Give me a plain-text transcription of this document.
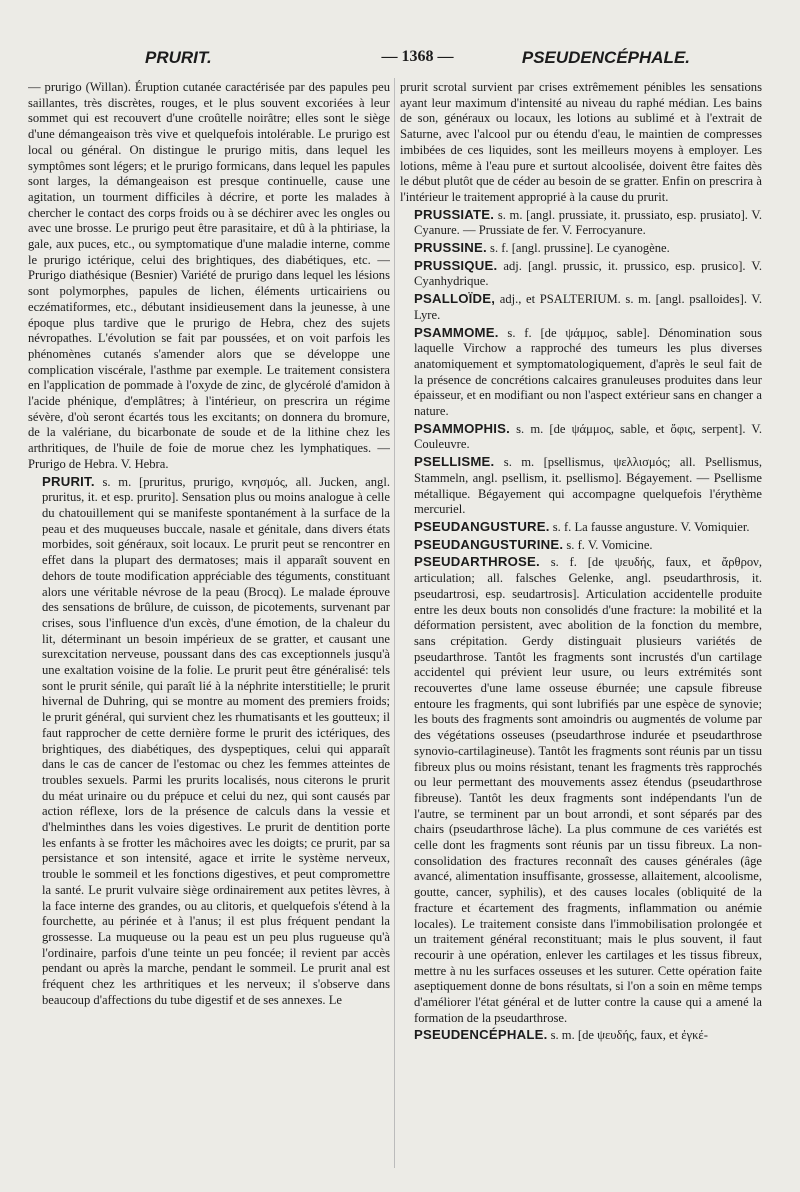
PRURIT.	— 1368 —	PSEUDENCÉPHALE.

— prurigo (Willan). Éruption cutanée caractérisée par des papules peu saillantes, très discrètes, rouges, et le plus souvent excoriées à leur sommet qui est recouvert d'une croûtelle noirâtre; elles sont le siège d'une démangeaison très vive et quelquefois intolérable. Le prurigo est local ou général. On distingue le prurigo mitis, dans lequel les symptômes sont légers; et le prurigo formicans, dans lequel les papules sont larges, la démangeaison est presque continuelle, cause une agitation, un tourment difficiles à décrire, et porte les malades à chercher le contact des corps froids ou à se déchirer avec les ongles ou avec une brosse. Le prurigo peut être parasitaire, et dû à la phtiriase, la gale, aux puces, etc., ou symptomatique d'une maladie interne, comme le prurigo ictérique, celui des brightiques, des diabétiques, etc. — Prurigo diathésique (Besnier) Variété de prurigo dans lequel les lésions sont polymorphes, papules de lichen, éléments urticairiens ou eczématiformes, etc., débutant insidieusement dans la jeunesse, à une époque plus tardive que le prurigo de Hebra, chez des sujets névropathes. L'évolution se fait par poussées, et on voit parfois les phénomènes cutanés s'amender alors que se développe une complication viscérale, l'asthme par exemple. Le traitement consistera en l'application de pommade à l'oxyde de zinc, de glycérolé d'amidon à l'acide phénique, d'emplâtres; à l'intérieur, on prescrira un régime sévère, d'où seront écartés tous les excitants; on donnera du bromure, de la valériane, du bicarbonate de soude et de la lithine chez les arthritiques, de l'huile de foie de morue chez les lymphatiques. — Prurigo de Hebra. V. Hebra.

PRURIT. s. m. [pruritus, prurigo, κνησμός, all. Jucken, angl. pruritus, it. et esp. prurito]. Sensation plus ou moins analogue à celle du chatouillement qui se manifeste spontanément à la surface de la peau et des muqueuses buccale, nasale et génitale, dans divers états morbides, soit généraux, soit locaux. Le prurit peut se rencontrer en effet dans la plupart des dermatoses; mais il apparaît souvent en dehors de toute modification appréciable des téguments, constituant alors une véritable névrose de la peau (Brocq). Le malade éprouve des sensations de brûlure, de cuisson, de picotements, survenant par crises, sous l'influence d'un excès, d'une émotion, de la chaleur du lit, déterminant un besoin impérieux de se gratter, et causant une surexcitation nerveuse, poussant dans des cas exceptionnels jusqu'à une exaltation voisine de la folie. Le prurit peut être généralisé: tels sont le prurit sénile, qui paraît lié à la néphrite interstitielle; le prurit hivernal de Duhring, qui se montre au moment des premiers froids; le prurit général, qui survient chez les rhumatisants et les goutteux; il faut rapprocher de cette dernière forme le prurit des ictériques, des brightiques, des diabétiques, des dyspeptiques, celui qui apparaît dans le cas de cancer de l'estomac ou chez les femmes atteintes de troubles sexuels. Parmi les prurits localisés, nous citerons le prurit du méat urinaire ou du prépuce et celui du nez, qui sont causés par action réflexe, lors de la présence de calculs dans la vessie et d'helminthes dans les voies digestives. Le prurit de dentition porte les enfants à se frotter les mâchoires avec les doigts; ce prurit, par sa persistance et son intensité, agace et irrite le système nerveux, trouble le sommeil et les fonctions digestives, et peut compromettre la santé. Le prurit vulvaire siège ordinairement aux petites lèvres, à la face interne des grandes, ou au clitoris, et quelquefois s'étend à la fourchette, au périnée et à l'anus; il est plus fréquent pendant la grossesse. La muqueuse ou la peau est un peu plus rugueuse qu'à l'ordinaire, parfois d'une teinte un peu foncée; il revient par accès pendant ou après la marche, pendant le sommeil. Le prurit anal est fréquent chez les arthritiques et les nerveux; il s'observe dans beaucoup d'affections du tube digestif et de ses annexes. Le

prurit scrotal survient par crises extrêmement pénibles les sensations ayant leur maximum d'intensité au niveau du raphé médian. Les bains de son, généraux ou locaux, les lotions au sublimé et à l'extrait de Saturne, avec l'alcool pur ou étendu d'eau, le maintien de compresses imbibées de ces liquides, sont les meilleurs moyens à employer. Les lotions, même à l'eau pure et surtout alcoolisée, doivent être faites dès le début plutôt que de céder au besoin de se gratter. Enfin on prescrira à l'intérieur le traitement approprié à la cause du prurit.

PRUSSIATE. s. m. [angl. prussiate, it. prussiato, esp. prusiato]. V. Cyanure. — Prussiate de fer. V. Ferrocyanure.

PRUSSINE. s. f. [angl. prussine]. Le cyanogène.

PRUSSIQUE. adj. [angl. prussic, it. prussico, esp. prusico]. V. Cyanhydrique.

PSALLOÏDE, adj., et PSALTERIUM. s. m. [angl. psalloides]. V. Lyre.

PSAMMOME. s. f. [de ψάμμος, sable]. Dénomination sous laquelle Virchow a rapproché des tumeurs les plus diverses anatomiquement et symptomatologiquement, d'après le seul fait de la présence de concrétions calcaires granuleuses produites dans leur épaisseur, et en modifiant ou non l'aspect extérieur sans en changer a nature.

PSAMMOPHIS. s. m. [de ψάμμος, sable, et ὄφις, serpent]. V. Couleuvre.

PSELLISME. s. m. [psellismus, ψελλισμός; all. Psellismus, Stammeln, angl. psellism, it. psellismo]. Bégayement. — Psellisme métallique. Bégayement qui accompagne quelquefois l'érythème mercuriel.

PSEUDANGUSTURE. s. f. La fausse angusture. V. Vomiquier.

PSEUDANGUSTURINE. s. f. V. Vomicine.

PSEUDARTHROSE. s. f. [de ψευδής, faux, et ἄρθρον, articulation; all. falsches Gelenke, angl. pseudarthrosis, it. pseudartrosi, esp. seudartrosis]. Articulation accidentelle produite entre les deux bouts non consolidés d'une fracture: la mobilité et la déformation persistent, avec abolition de la fonction du membre, sans crépitation. Gerdy distinguait plusieurs variétés de pseudarthrose. Tantôt les fragments sont incrustés d'un cartilage accidentel qui prévient leur usure, ou leurs extrémités sont recouvertes d'une lame osseuse éburnée; une capsule fibreuse entoure les fragments, qui sont lubrifiés par une espèce de synovie; les bouts des fragments sont amoindris ou augmentés de volume par des végétations osseuses (pseudarthrose indurée et pseudarthrose synovio-cartilagineuse). Tantôt les fragments sont réunis par un tissu fibreux plus ou moins résistant, tenant les fragments très rapprochés ou leur permettant des mouvements assez étendus (pseudarthrose fibreuse). Tantôt les deux fragments sont indépendants l'un de l'autre, se terminent par un bout arrondi, et sont séparés par des chairs (pseudarthrose lâche). La plus commune de ces variétés est celle dont les fragments sont réunis par un tissu fibreux. La non-consolidation des fractures reconnaît des causes générales (âge avancé, alimentation insuffisante, grossesse, allaitement, alcoolisme, goutte, cancer, syphilis), et des causes locales (obliquité de la fracture et écartement des fragments, inflammation ou anémie locales). Le traitement consiste dans l'immobilisation prolongée et un traitement général reconstituant; mais le plus souvent, il faut recourir à une opération, enlever les cartilages et les tissus fibreux, mettre à nu les surfaces osseuses et les suturer. Cette opération faite aseptiquement donne de bons résultats, si l'on a soin en même temps d'améliorer l'état général et de lutter contre la cause qui a amené la formation de la pseudarthrose.

PSEUDENCÉPHALE. s. m. [de ψευδής, faux, et ἐγκέ-
